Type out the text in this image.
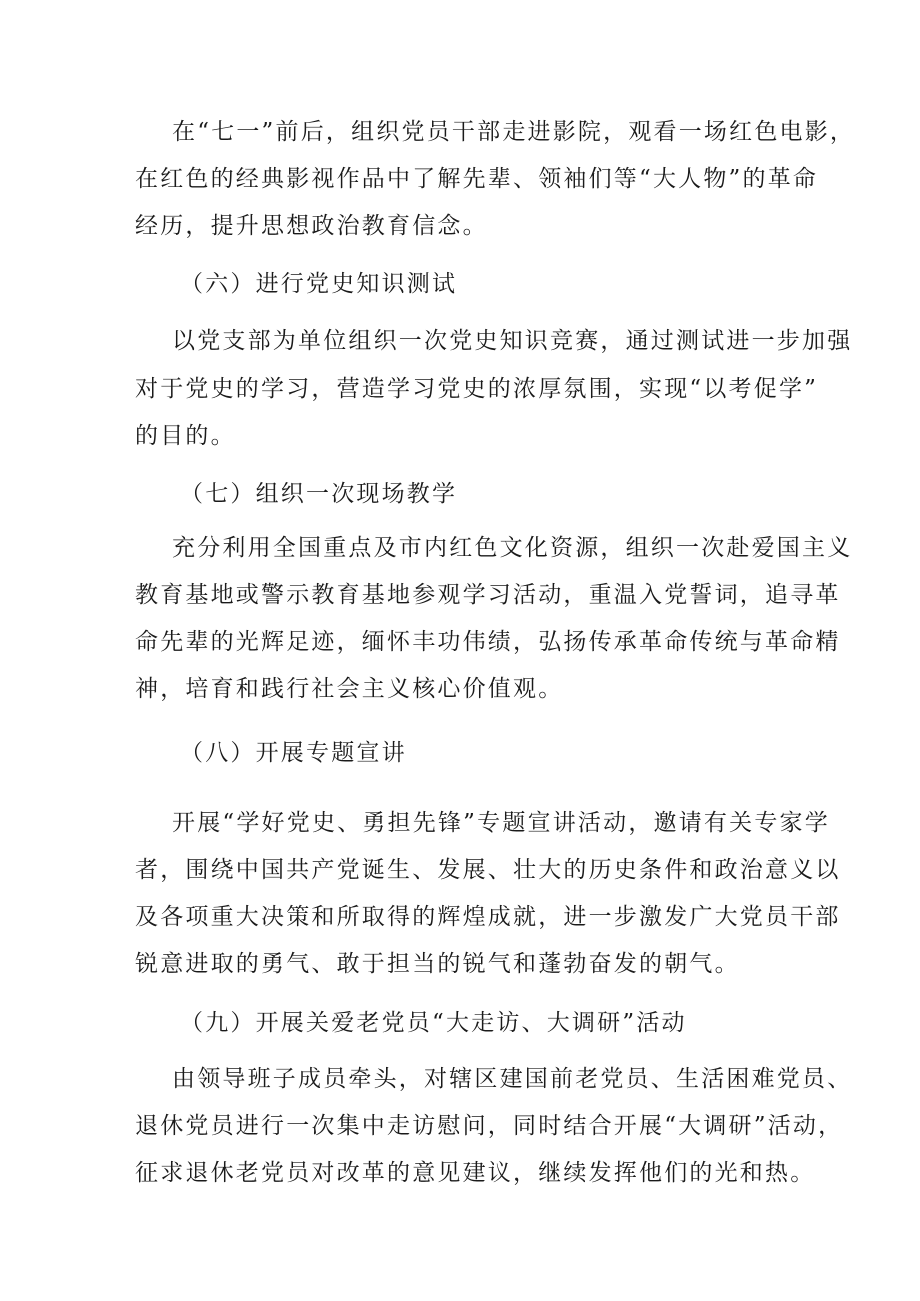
在“七一”前后，组织党员干部走进影院，观看一场红色电影，
在红色的经典影视作品中了解先辈、领袖们等“大人物”的革命
经历，提升思想政治教育信念。
（六）进行党史知识测试
以党支部为单位组织一次党史知识竞赛，通过测试进一步加强
对于党史的学习，营造学习党史的浓厚氛围，实现“以考促学”
的目的。
（七）组织一次现场教学
充分利用全国重点及市内红色文化资源，组织一次赴爱国主义
教育基地或警示教育基地参观学习活动，重温入党誓词，追寻革
命先辈的光辉足迹，缅怀丰功伟绩，弘扬传承革命传统与革命精
神，培育和践行社会主义核心价值观。
（八）开展专题宣讲
开展“学好党史、勇担先锋”专题宣讲活动，邀请有关专家学
者，围绕中国共产党诞生、发展、壮大的历史条件和政治意义以
及各项重大决策和所取得的辉煌成就，进一步激发广大党员干部
锐意进取的勇气、敢于担当的锐气和蓬勃奋发的朝气。
（九）开展关爱老党员“大走访、大调研”活动
由领导班子成员牵头，对辖区建国前老党员、生活困难党员、
退休党员进行一次集中走访慰问，同时结合开展“大调研”活动，
征求退休老党员对改革的意见建议，继续发挥他们的光和热。
